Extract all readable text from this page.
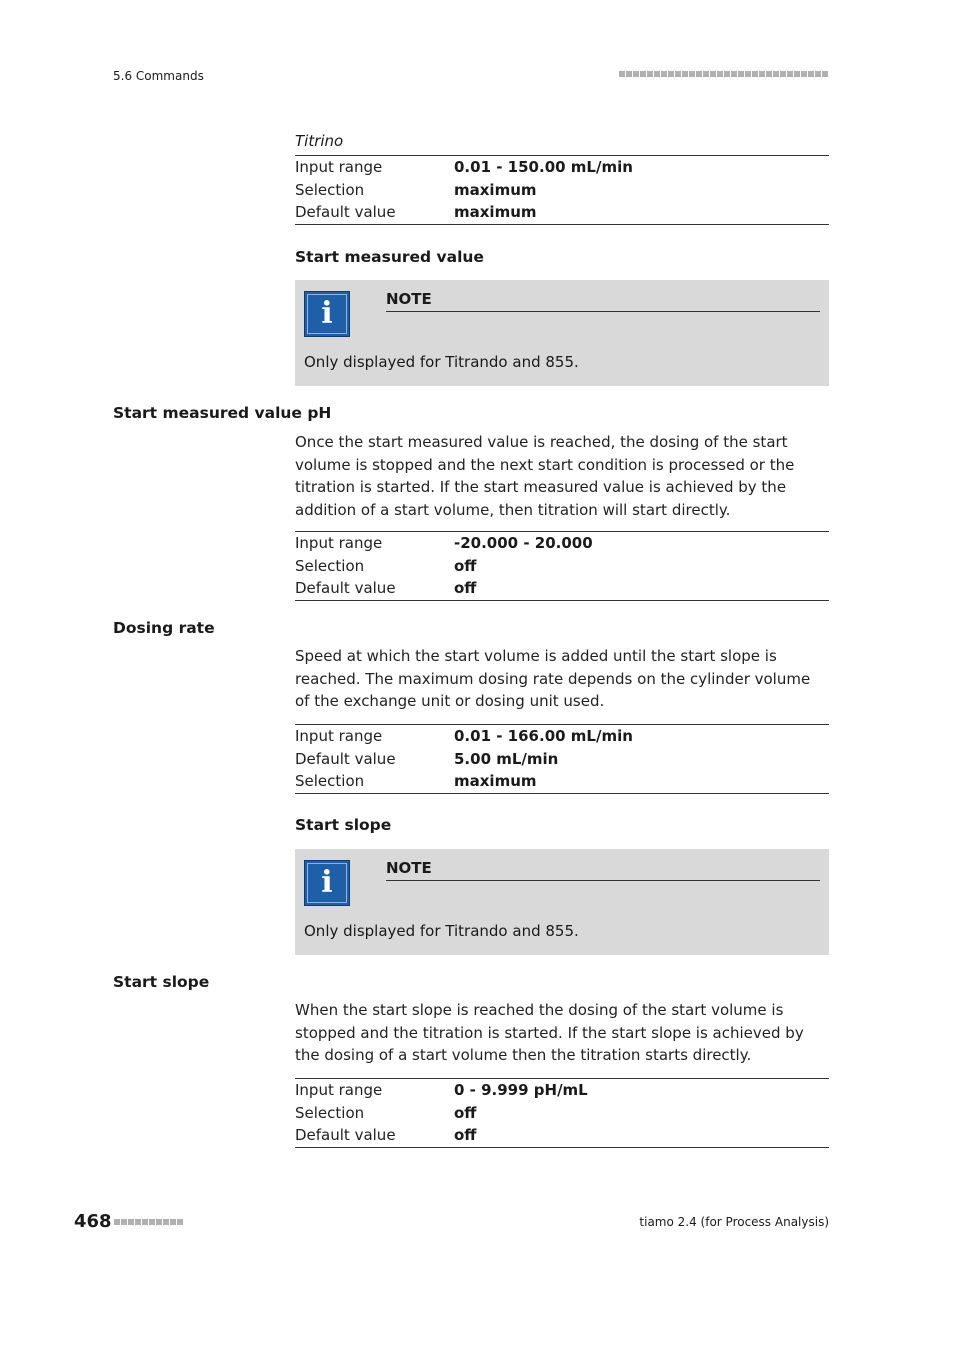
5.6 Commands
Titrino
Input range	0.01 - 150.00 mL/min
Selection	maximum
Default value	maximum
Start measured value
i	NOTE
Only displayed for Titrando and 855.
Start measured value pH
Once the start measured value is reached, the dosing of the start volume is stopped and the next start condition is processed or the titration is started. If the start measured value is achieved by the addition of a start volume, then titration will start directly.
Input range	-20.000 - 20.000
Selection	off
Default value	off
Dosing rate
Speed at which the start volume is added until the start slope is reached. The maximum dosing rate depends on the cylinder volume of the exchange unit or dosing unit used.
Input range	0.01 - 166.00 mL/min
Default value	5.00 mL/min
Selection	maximum
Start slope
i	NOTE
Only displayed for Titrando and 855.
Start slope
When the start slope is reached the dosing of the start volume is stopped and the titration is started. If the start slope is achieved by the dosing of a start volume then the titration starts directly.
Input range	0 - 9.999 pH/mL
Selection	off
Default value	off
468	tiamo 2.4 (for Process Analysis)
